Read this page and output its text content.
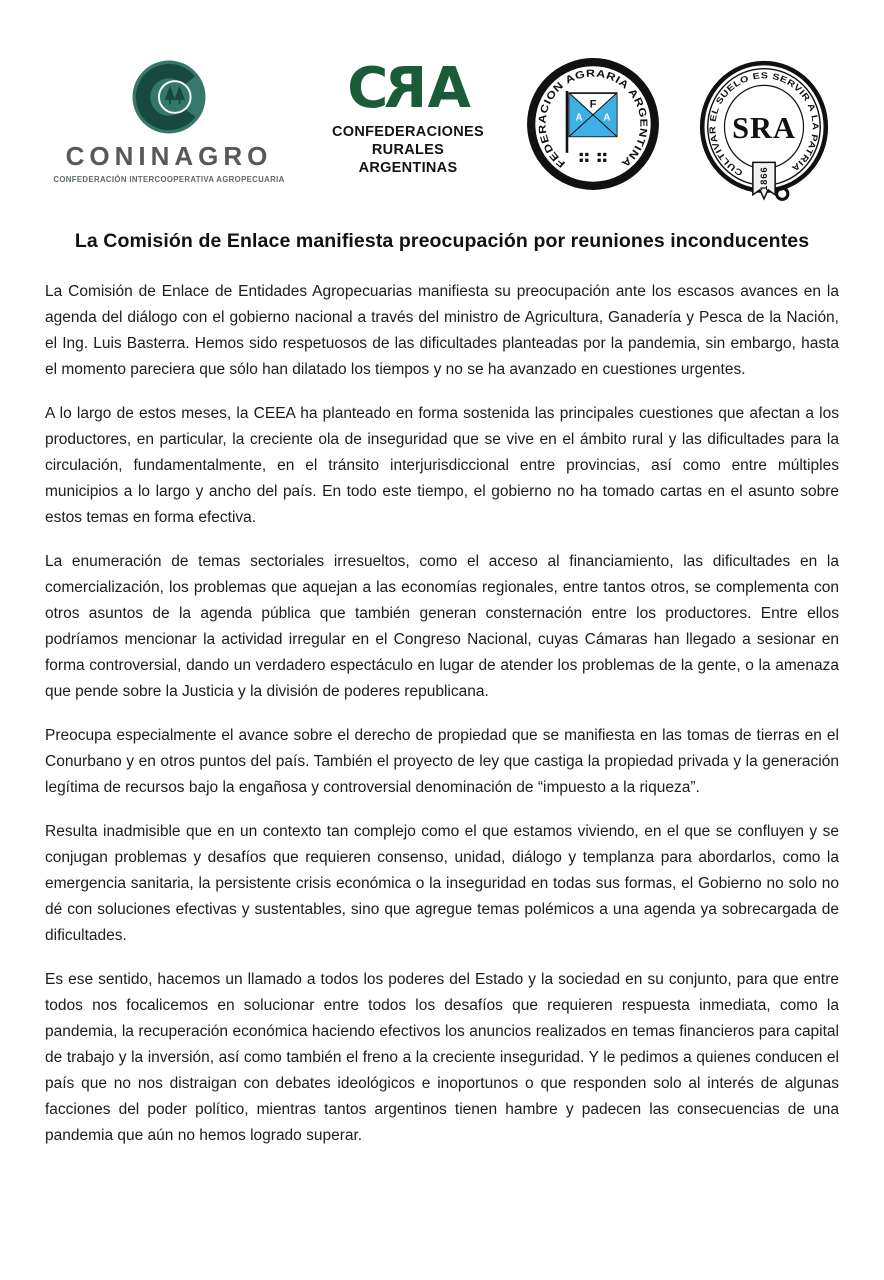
CONINAGRO
CONFEDERACIÓN INTERCOOPERATIVA AGROPECUARIA
CRA
CONFEDERACIONES
RURALES
ARGENTINAS	FEDERACION AGRARIA ARGENTINA
F
A A
CULTIVAR EL SUELO ES SERVIR A LA PATRIA
SRA
1866
La Comisión de Enlace manifiesta preocupación por reuniones inconducentes

La Comisión de Enlace de Entidades Agropecuarias manifiesta su preocupación ante los escasos avances en la agenda del diálogo con el gobierno nacional a través del ministro de Agricultura, Ganadería y Pesca de la Nación, el Ing. Luis Basterra. Hemos sido respetuosos de las dificultades planteadas por la pandemia, sin embargo, hasta el momento pareciera que sólo han dilatado los tiempos y no se ha avanzado en cuestiones urgentes.

A lo largo de estos meses, la CEEA ha planteado en forma sostenida las principales cuestiones que afectan a los productores, en particular, la creciente ola de inseguridad que se vive en el ámbito rural y las dificultades para la circulación, fundamentalmente, en el tránsito interjurisdiccional entre provincias, así como entre múltiples municipios a lo largo y ancho del país. En todo este tiempo, el gobierno no ha tomado cartas en el asunto sobre estos temas en forma efectiva.

La enumeración de temas sectoriales irresueltos, como el acceso al financiamiento, las dificultades en la comercialización, los problemas que aquejan a las economías regionales, entre tantos otros, se complementa con otros asuntos de la agenda pública que también generan consternación entre los productores. Entre ellos podríamos mencionar la actividad irregular en el Congreso Nacional, cuyas Cámaras han llegado a sesionar en forma controversial, dando un verdadero espectáculo en lugar de atender los problemas de la gente, o la amenaza que pende sobre la Justicia y la división de poderes republicana.

Preocupa especialmente el avance sobre el derecho de propiedad que se manifiesta en las tomas de tierras en el Conurbano y en otros puntos del país. También el proyecto de ley que castiga la propiedad privada y la generación legítima de recursos bajo la engañosa y controversial denominación de “impuesto a la riqueza”.

Resulta inadmisible que en un contexto tan complejo como el que estamos viviendo, en el que se confluyen y se conjugan problemas y desafíos que requieren consenso, unidad, diálogo y templanza para abordarlos, como la emergencia sanitaria, la persistente crisis económica o la inseguridad en todas sus formas, el Gobierno no solo no dé con soluciones efectivas y sustentables, sino que agregue temas polémicos a una agenda ya sobrecargada de dificultades.

Es ese sentido, hacemos un llamado a todos los poderes del Estado y la sociedad en su conjunto, para que entre todos nos focalicemos en solucionar entre todos los desafíos que requieren respuesta inmediata, como la pandemia, la recuperación económica haciendo efectivos los anuncios realizados en temas financieros para capital de trabajo y la inversión, así como también el freno a la creciente inseguridad. Y le pedimos a quienes conducen el país que no nos distraigan con debates ideológicos e inoportunos o que responden solo al interés de algunas facciones del poder político, mientras tantos argentinos tienen hambre y padecen las consecuencias de una pandemia que aún no hemos logrado superar.
